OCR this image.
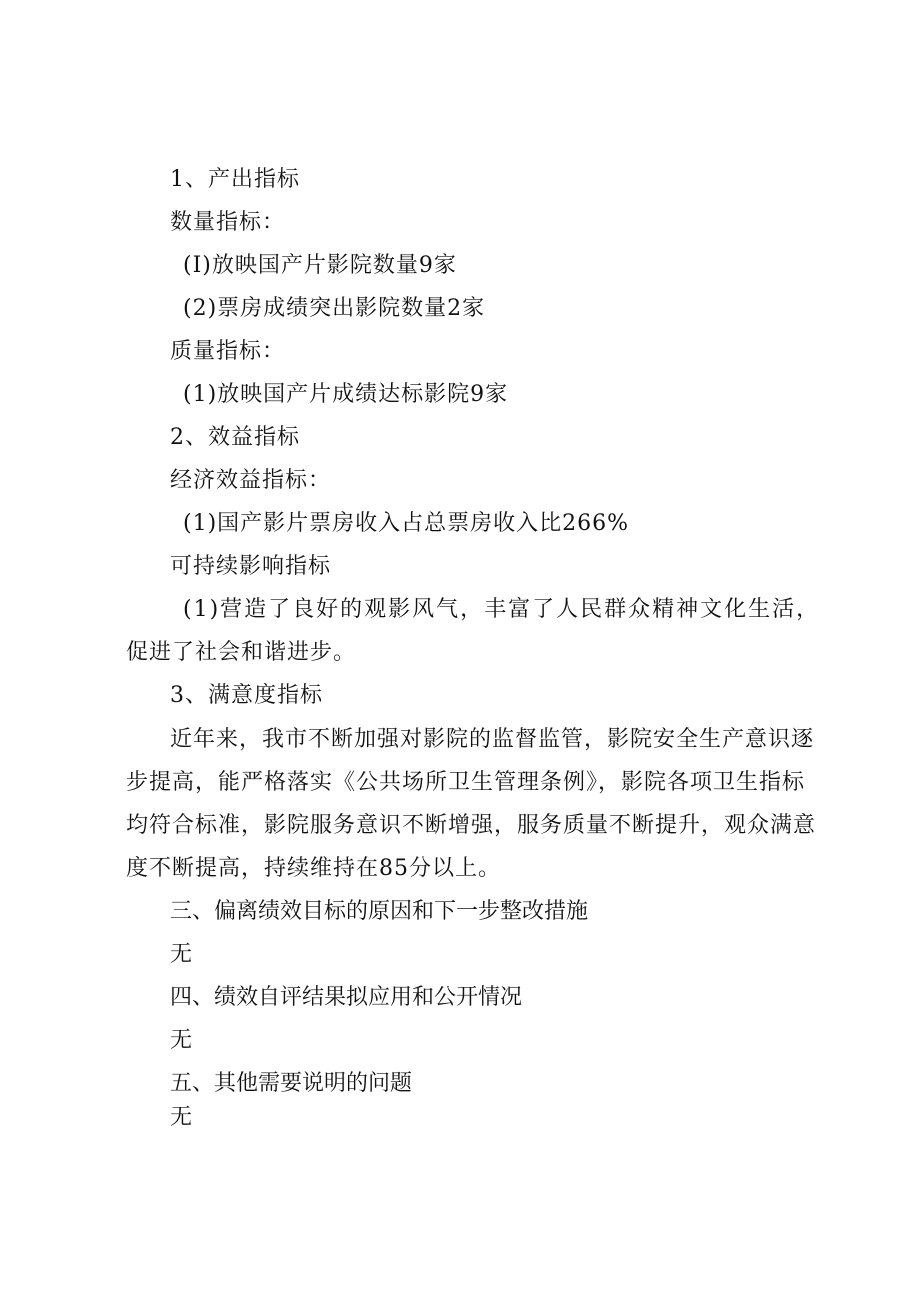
1、产出指标
数量指标：
(I)放映国产片影院数量9家
(2)票房成绩突出影院数量2家
质量指标：
(1)放映国产片成绩达标影院9家
2、效益指标
经济效益指标：
(1)国产影片票房收入占总票房收入比266%
可持续影响指标
(1)营造了良好的观影风气，丰富了人民群众精神文化生活，
促进了社会和谐进步。
3、满意度指标
近年来，我市不断加强对影院的监督监管，影院安全生产意识逐
步提高，能严格落实《公共场所卫生管理条例》，影院各项卫生指标
均符合标准，影院服务意识不断增强，服务质量不断提升，观众满意
度不断提高，持续维持在85分以上。
三、偏离绩效目标的原因和下一步整改措施
无
四、绩效自评结果拟应用和公开情况
无
五、其他需要说明的问题
无
